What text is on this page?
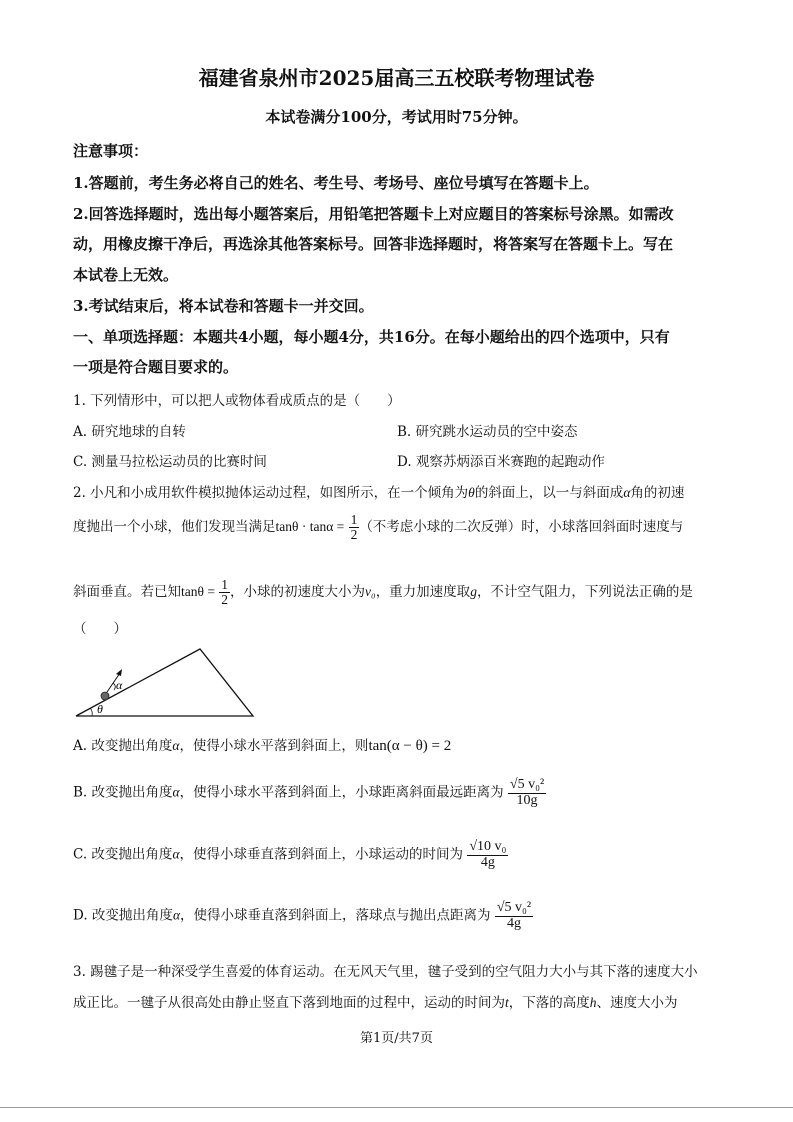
福建省泉州市2025届高三五校联考物理试卷
本试卷满分100分，考试用时75分钟。
注意事项：
1.答题前，考生务必将自己的姓名、考生号、考场号、座位号填写在答题卡上。
2.回答选择题时，选出每小题答案后，用铅笔把答题卡上对应题目的答案标号涂黑。如需改
动，用橡皮擦干净后，再选涂其他答案标号。回答非选择题时，将答案写在答题卡上。写在
本试卷上无效。
3.考试结束后，将本试卷和答题卡一并交回。
一、单项选择题：本题共4小题，每小题4分，共16分。在每小题给出的四个选项中，只有
一项是符合题目要求的。
1. 下列情形中，可以把人或物体看成质点的是（　　）
A. 研究地球的自转	B. 研究跳水运动员的空中姿态
C. 测量马拉松运动员的比赛时间	D. 观察苏炳添百米赛跑的起跑动作
2. 小凡和小成用软件模拟抛体运动过程，如图所示，在一个倾角为θ的斜面上，以一与斜面成α角的初速
度抛出一个小球，他们发现当满足$\tan\theta \cdot \tan\alpha = \frac{1}{2}$ （不考虑小球的二次反弹）时，小球落回斜面时速度与
斜面垂直。若已知$\tan\theta = \frac{1}{2}$ ，小球的初速度大小为v₀，重力加速度取g，不计空气阻力，下列说法正确的是
（　　）
α
θ
A. 改变抛出角度α，使得小球水平落到斜面上，则tan(α − θ) = 2
B. 改变抛出角度α，使得小球水平落到斜面上，小球距离斜面最远距离为 $\frac{\text{√5 v₀²}}{10g}$
C. 改变抛出角度α，使得小球垂直落到斜面上，小球运动的时间为 $\frac{\text{√10 v₀}}{4g}$
D. 改变抛出角度α，使得小球垂直落到斜面上，落球点与抛出点距离为 $\frac{\text{√5 v₀²}}{4g}$
3. 踢毽子是一种深受学生喜爱的体育运动。在无风天气里，毽子受到的空气阻力大小与其下落的速度大小
成正比。一毽子从很高处由静止竖直下落到地面的过程中，运动的时间为t，下落的高度h、速度大小为
第1页/共7页
